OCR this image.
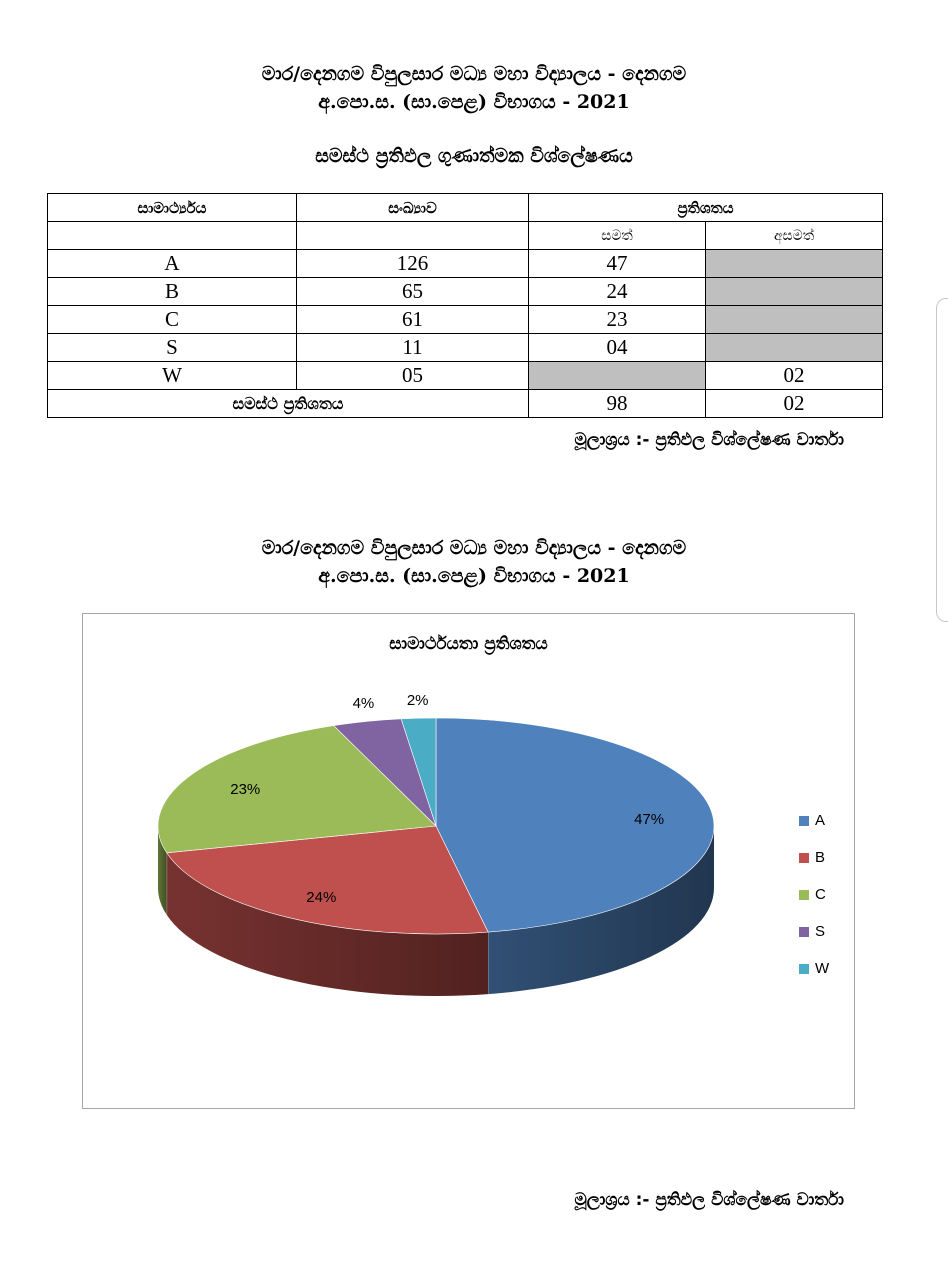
මාර/දෙනගම විපුලසාර මධ්‍ය මහා විද්‍යාලය - දෙනගම
අ.පො.ස. (සා.පෙළ) විභාගය - 2021
සමස්ථ ප්‍රතිඵල ගුණාත්මක විශ්ලේෂණය
සාමාර්ථ්‍යය	සංඛ්‍යාව	ප්‍රතිශතය	
		සමත්	අසමත්
A	126	47	
B	65	24	
C	61	23	
S	11	04	
W	05		02
සමස්ථ ප්‍රතිශතය		98	02
මූලාශ්‍රය :- ප්‍රතිඵල විශ්ලේෂණ වාර්තා
මාර/දෙනගම විපුලසාර මධ්‍ය මහා විද්‍යාලය - දෙනගම
අ.පො.ස. (සා.පෙළ) විභාගය - 2021
සාමාර්ථයතා ප්‍රතිශතය
47%
24%
23%
4% 2%
A
B
C
S
W
මූලාශ්‍රය :- ප්‍රතිඵල විශ්ලේෂණ වාර්තා
